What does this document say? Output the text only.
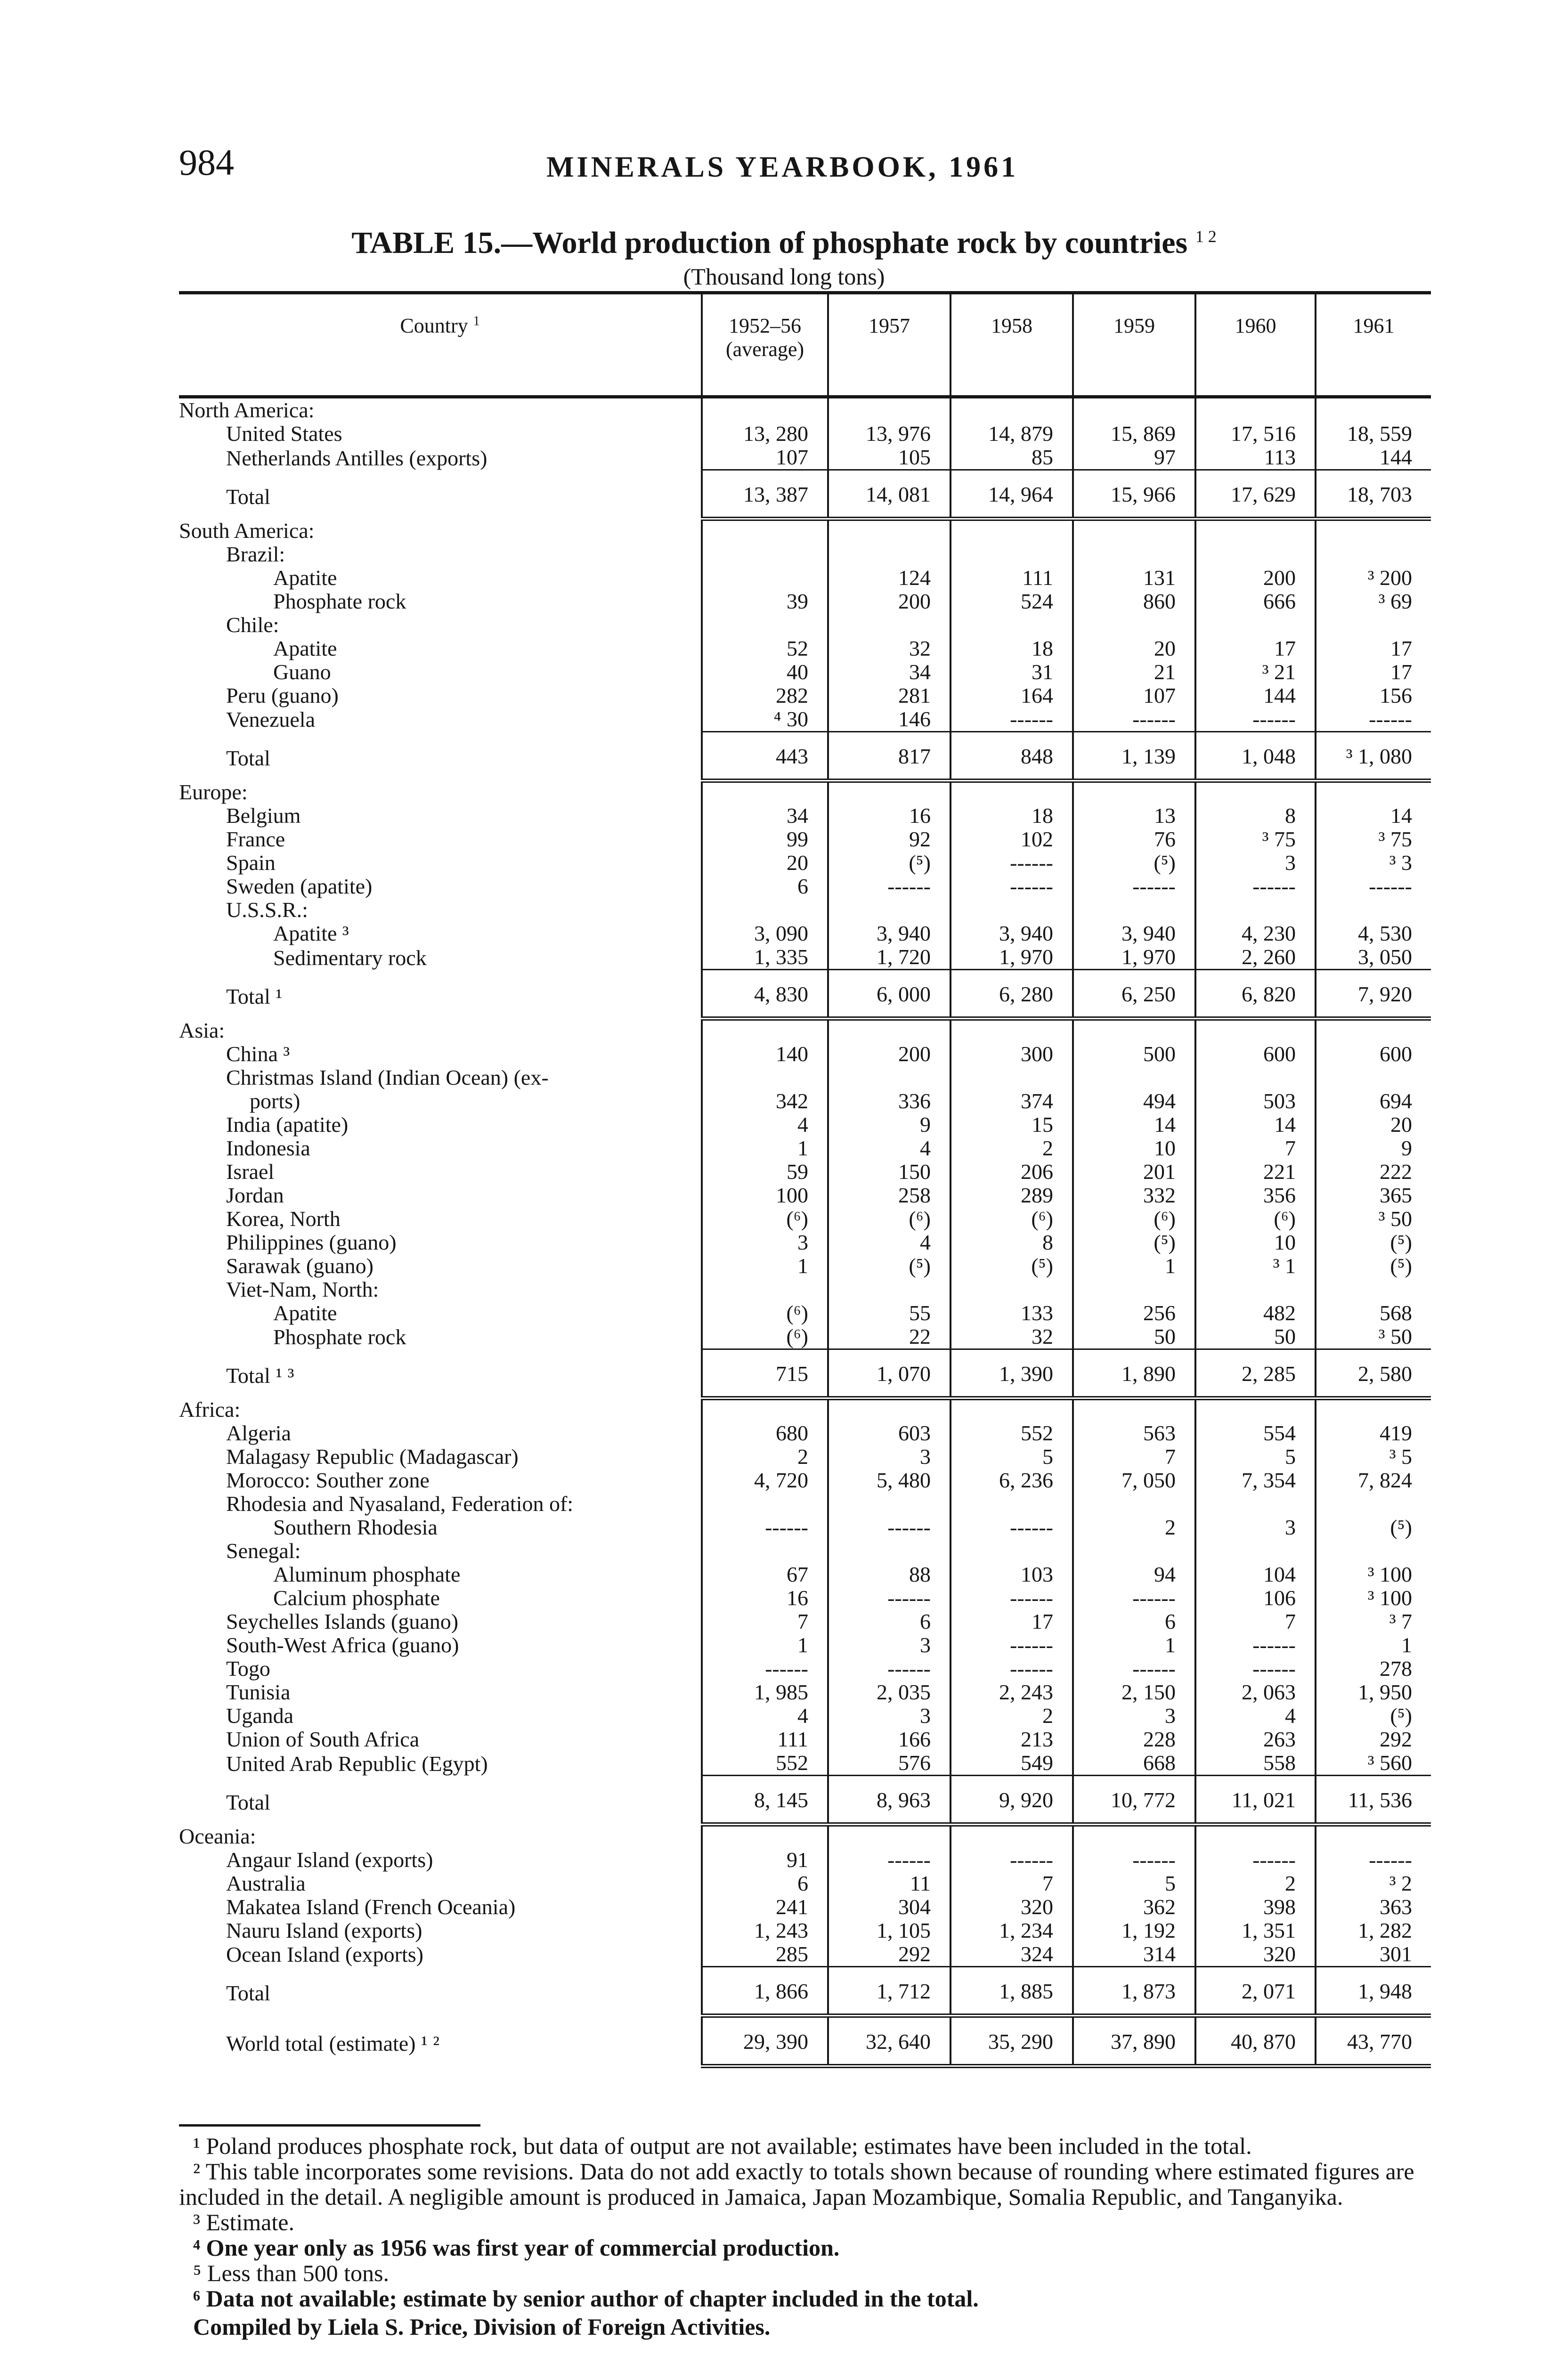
984	MINERALS YEARBOOK, 1961
TABLE 15.—World production of phosphate rock by countries $^{1 2}$
(Thousand long tons)
Country $^1$	1952–56 (average)	1957	1958	1959	1960	1961
North America:						
United States	13, 280	13, 976	14, 879	15, 869	17, 516	18, 559
Netherlands Antilles (exports)	107	105	85	97	113	144
Total	13, 387	14, 081	14, 964	15, 966	17, 629	18, 703
South America:						
Brazil:						
Apatite		124	111	131	200	³ 200
Phosphate rock	39	200	524	860	666	³ 69
Chile:						
Apatite	52	32	18	20	17	17
Guano	40	34	31	21	³ 21	17
Peru (guano)	282	281	164	107	144	156
Venezuela	⁴ 30	146	------	------	------	------
Total	443	817	848	1, 139	1, 048	³ 1, 080
Europe:						
Belgium	34	16	18	13	8	14
France	99	92	102	76	³ 75	³ 75
Spain	20	(⁵)	------	(⁵)	3	³ 3
Sweden (apatite)	6	------	------	------	------	------
U.S.S.R.:						
Apatite ³	3, 090	3, 940	3, 940	3, 940	4, 230	4, 530
Sedimentary rock	1, 335	1, 720	1, 970	1, 970	2, 260	3, 050
Total ¹	4, 830	6, 000	6, 280	6, 250	6, 820	7, 920
Asia:						
China ³	140	200	300	500	600	600
Christmas Island (Indian Ocean) (ex-						
ports)	342	336	374	494	503	694
India (apatite)	4	9	15	14	14	20
Indonesia	1	4	2	10	7	9
Israel	59	150	206	201	221	222
Jordan	100	258	289	332	356	365
Korea, North	(⁶)	(⁶)	(⁶)	(⁶)	(⁶)	³ 50
Philippines (guano)	3	4	8	(⁵)	10	(⁵)
Sarawak (guano)	1	(⁵)	(⁵)	1	³ 1	(⁵)
Viet-Nam, North:						
Apatite	(⁶)	55	133	256	482	568
Phosphate rock	(⁶)	22	32	50	50	³ 50
Total ¹ ³	715	1, 070	1, 390	1, 890	2, 285	2, 580
Africa:						
Algeria	680	603	552	563	554	419
Malagasy Republic (Madagascar)	2	3	5	7	5	³ 5
Morocco: Souther zone	4, 720	5, 480	6, 236	7, 050	7, 354	7, 824
Rhodesia and Nyasaland, Federation of:						
Southern Rhodesia	------	------	------	2	3	(⁵)
Senegal:						
Aluminum phosphate	67	88	103	94	104	³ 100
Calcium phosphate	16	------	------	------	106	³ 100
Seychelles Islands (guano)	7	6	17	6	7	³ 7
South-West Africa (guano)	1	3	------	1	------	1
Togo	------	------	------	------	------	278
Tunisia	1, 985	2, 035	2, 243	2, 150	2, 063	1, 950
Uganda	4	3	2	3	4	(⁵)
Union of South Africa	111	166	213	228	263	292
United Arab Republic (Egypt)	552	576	549	668	558	³ 560
Total	8, 145	8, 963	9, 920	10, 772	11, 021	11, 536
Oceania:						
Angaur Island (exports)	91	------	------	------	------	------
Australia	6	11	7	5	2	³ 2
Makatea Island (French Oceania)	241	304	320	362	398	363
Nauru Island (exports)	1, 243	1, 105	1, 234	1, 192	1, 351	1, 282
Ocean Island (exports)	285	292	324	314	320	301
Total	1, 866	1, 712	1, 885	1, 873	2, 071	1, 948
World total (estimate) ¹ ²	29, 390	32, 640	35, 290	37, 890	40, 870	43, 770

¹ Poland produces phosphate rock, but data of output are not available; estimates have been included in the total.

² This table incorporates some revisions. Data do not add exactly to totals shown because of rounding where estimated figures are included in the detail. A negligible amount is produced in Jamaica, Japan Mozambique, Somalia Republic, and Tanganyika.

³ Estimate.

⁴ One year only as 1956 was first year of commercial production.

⁵ Less than 500 tons.

⁶ Data not available; estimate by senior author of chapter included in the total.

Compiled by Liela S. Price, Division of Foreign Activities.
